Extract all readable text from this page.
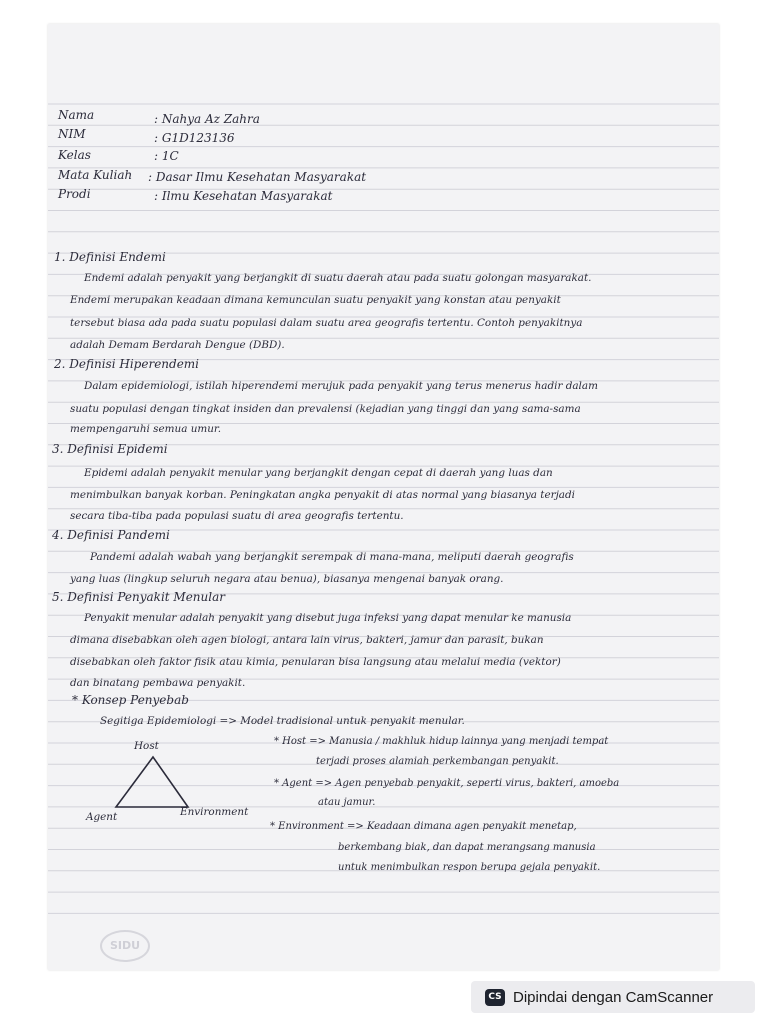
Nama	: Nahya Az Zahra
NIM	: G1D123136
Kelas	: 1C
Mata Kuliah : Dasar Ilmu Kesehatan Masyarakat
Prodi	: Ilmu Kesehatan Masyarakat
1. Definisi Endemi
Endemi adalah penyakit yang berjangkit di suatu daerah atau pada suatu golongan masyarakat.
Endemi merupakan keadaan dimana kemunculan suatu penyakit yang konstan atau penyakit
tersebut biasa ada pada suatu populasi dalam suatu area geografis tertentu. Contoh penyakitnya
adalah Demam Berdarah Dengue (DBD).
2. Definisi Hiperendemi
Dalam epidemiologi, istilah hiperendemi merujuk pada penyakit yang terus menerus hadir dalam
suatu populasi dengan tingkat insiden dan prevalensi (kejadian yang tinggi dan yang sama-sama
mempengaruhi semua umur.
3. Definisi Epidemi
Epidemi adalah penyakit menular yang berjangkit dengan cepat di daerah yang luas dan
menimbulkan banyak korban. Peningkatan angka penyakit di atas normal yang biasanya terjadi
secara tiba-tiba pada populasi suatu di area geografis tertentu.
4. Definisi Pandemi
Pandemi adalah wabah yang berjangkit serempak di mana-mana, meliputi daerah geografis
yang luas (lingkup seluruh negara atau benua), biasanya mengenai banyak orang.
5. Definisi Penyakit Menular
Penyakit menular adalah penyakit yang disebut juga infeksi yang dapat menular ke manusia
dimana disebabkan oleh agen biologi, antara lain virus, bakteri, jamur dan parasit, bukan
disebabkan oleh faktor fisik atau kimia, penularan bisa langsung atau melalui media (vektor)
dan binatang pembawa penyakit.
* Konsep Penyebab
Segitiga Epidemiologi => Model tradisional untuk penyakit menular.
Host
Agent	Environment
* Host => Manusia / makhluk hidup lainnya yang menjadi tempat
terjadi proses alamiah perkembangan penyakit.
* Agent => Agen penyebab penyakit, seperti virus, bakteri, amoeba
atau jamur.
* Environment => Keadaan dimana agen penyakit menetap,
berkembang biak, dan dapat merangsang manusia
untuk menimbulkan respon berupa gejala penyakit.
SIDU
CS Dipindai dengan CamScanner
